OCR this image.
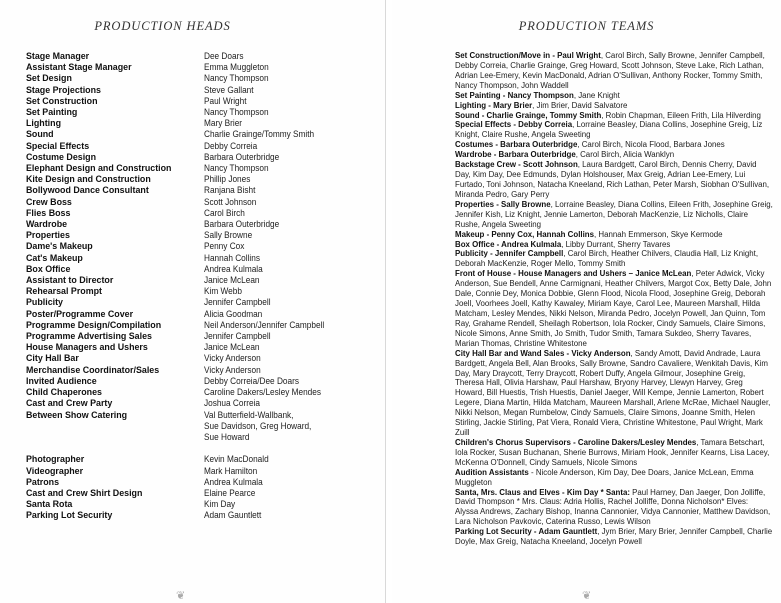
PRODUCTION HEADS
Stage Manager	Dee Doars
Assistant Stage Manager	Emma Muggleton
Set Design	Nancy Thompson
Stage Projections	Steve Gallant
Set Construction	Paul Wright
Set Painting	Nancy Thompson
Lighting	Mary Brier
Sound	Charlie Grainge/Tommy Smith
Special Effects	Debby Correia
Costume Design	Barbara Outerbridge
Elephant Design and Construction	Nancy Thompson
Kite Design and Construction	Phillip Jones
Bollywood Dance Consultant	Ranjana Bisht
Crew Boss	Scott Johnson
Flies Boss	Carol Birch
Wardrobe	Barbara Outerbridge
Properties	Sally Browne
Dame's Makeup	Penny Cox
Cat's Makeup	Hannah Collins
Box Office	Andrea Kulmala
Assistant to Director	Janice McLean
Rehearsal Prompt	Kim Webb
Publicity	Jennifer Campbell
Poster/Programme Cover	Alicia Goodman
Programme Design/Compilation	Neil Anderson/Jennifer Campbell
Programme Advertising Sales	Jennifer Campbell
House Managers and Ushers	Janice McLean
City Hall Bar	Vicky Anderson
Merchandise Coordinator/Sales	Vicky Anderson
Invited Audience	Debby Correia/Dee Doars
Child Chaperones	Caroline Dakers/Lesley Mendes
Cast and Crew Party	Joshua Correia
Between Show Catering	Val Butterfield-Wallbank,
	Sue Davidson, Greg Howard,
	Sue Howard

Photographer	Kevin MacDonald
Videographer	Mark Hamilton
Patrons	Andrea Kulmala
Cast and Crew Shirt Design	Elaine Pearce
Santa Rota	Kim Day
Parking Lot Security	Adam Gauntlett
❦
PRODUCTION TEAMS
Set Construction/Move in - Paul Wright, Carol Birch, Sally Browne, Jennifer Campbell, Debby Correia, Charlie Grainge, Greg Howard, Scott Johnson, Steve Lake, Rich Lathan, Adrian Lee-Emery, Kevin MacDonald, Adrian O'Sullivan, Anthony Rocker, Tommy Smith, Nancy Thompson, John Waddell
Set Painting - Nancy Thompson, Jane Knight
Lighting - Mary Brier, Jim Brier, David Salvatore
Sound - Charlie Grainge, Tommy Smith, Robin Chapman, Eileen Frith, Lila Hilverding
Special Effects - Debby Correia, Lorraine Beasley, Diana Collins, Josephine Greig, Liz Knight, Claire Rushe, Angela Sweeting
Costumes - Barbara Outerbridge, Carol Birch, Nicola Flood, Barbara Jones
Wardrobe - Barbara Outerbridge, Carol Birch, Alicia Wanklyn
Backstage Crew - Scott Johnson, Laura Bardgett, Carol Birch, Dennis Cherry, David Day, Kim Day, Dee Edmunds, Dylan Holshouser, Max Greig, Adrian Lee-Emery, Lui Furtado, Toni Johnson, Natacha Kneeland, Rich Lathan, Peter Marsh, Siobhan O'Sullivan, Miranda Pedro, Gary Perry
Properties - Sally Browne, Lorraine Beasley, Diana Collins, Eileen Frith, Josephine Greig, Jennifer Kish, Liz Knight, Jennie Lamerton, Deborah MacKenzie, Liz Nicholls, Claire Rushe, Angela Sweeting
Makeup - Penny Cox, Hannah Collins, Hannah Emmerson, Skye Kermode
Box Office - Andrea Kulmala, Libby Durrant, Sherry Tavares
Publicity - Jennifer Campbell, Carol Birch, Heather Chilvers, Claudia Hall, Liz Knight, Deborah MacKenzie, Roger Mello, Tommy Smith
Front of House - House Managers and Ushers – Janice McLean, Peter Adwick, Vicky Anderson, Sue Bendell, Anne Carmignani, Heather Chilvers, Margot Cox, Betty Dale, John Dale, Connie Dey, Monica Dobbie, Glenn Flood, Nicola Flood, Josephine Greig, Deborah Joell, Voorhees Joell, Kathy Kawaley, Miriam Kaye, Carol Lee, Maureen Marshall, Hilda Matcham, Lesley Mendes, Nikki Nelson, Miranda Pedro, Jocelyn Powell, Jan Quinn, Tom Ray, Grahame Rendell, Sheilagh Robertson, Iola Rocker, Cindy Samuels, Claire Simons, Nicole Simons, Anne Smith, Jo Smith, Tudor Smith, Tamara Sukdeo, Sherry Tavares, Marian Thomas, Christine Whitestone
City Hall Bar and Wand Sales - Vicky Anderson, Sandy Amott, David Andrade, Laura Bardgett, Angela Bell, Alan Brooks, Sally Browne, Sandro Cavaliere, Wenkitah Davis, Kim Day, Mary Draycott, Terry Draycott, Robert Duffy, Angela Gilmour, Josephine Greig, Theresa Hall, Olivia Harshaw, Paul Harshaw, Bryony Harvey, Llewyn Harvey, Greg Howard, Bill Huestis, Trish Huestis, Daniel Jaeger, Will Kempe, Jennie Lamerton, Robert Legere, Diana Martin, Hilda Matcham, Maureen Marshall, Arlene McRae, Michael Naugler, Nikki Nelson, Megan Rumbelow, Cindy Samuels, Claire Simons, Joanne Smith, Helen Stirling, Jackie Stirling, Pat Viera, Ronald Viera, Christine Whitestone, Paul Wright, Mark Zuill
Children's Chorus Supervisors - Caroline Dakers/Lesley Mendes, Tamara Betschart, Iola Rocker, Susan Buchanan, Sherie Burrows, Miriam Hook, Jennifer Kearns, Lisa Lacey, McKenna O'Donnell, Cindy Samuels, Nicole Simons
Audition Assistants - Nicole Anderson, Kim Day, Dee Doars, Janice McLean, Emma Muggleton
Santa, Mrs. Claus and Elves - Kim Day * Santa: Paul Harney, Dan Jaeger, Don Jolliffe, David Thompson * Mrs. Claus: Adria Hollis, Rachel Jolliffe, Donna Nicholson* Elves: Alyssa Andrews, Zachary Bishop, Inanna Cannonier, Vidya Cannonier, Matthew Davidson, Lara Nicholson Pavkovic, Caterina Russo, Lewis Wilson
Parking Lot Security - Adam Gauntlett, Jym Brier, Mary Brier, Jennifer Campbell, Charlie Doyle, Max Greig, Natacha Kneeland, Jocelyn Powell
❦
